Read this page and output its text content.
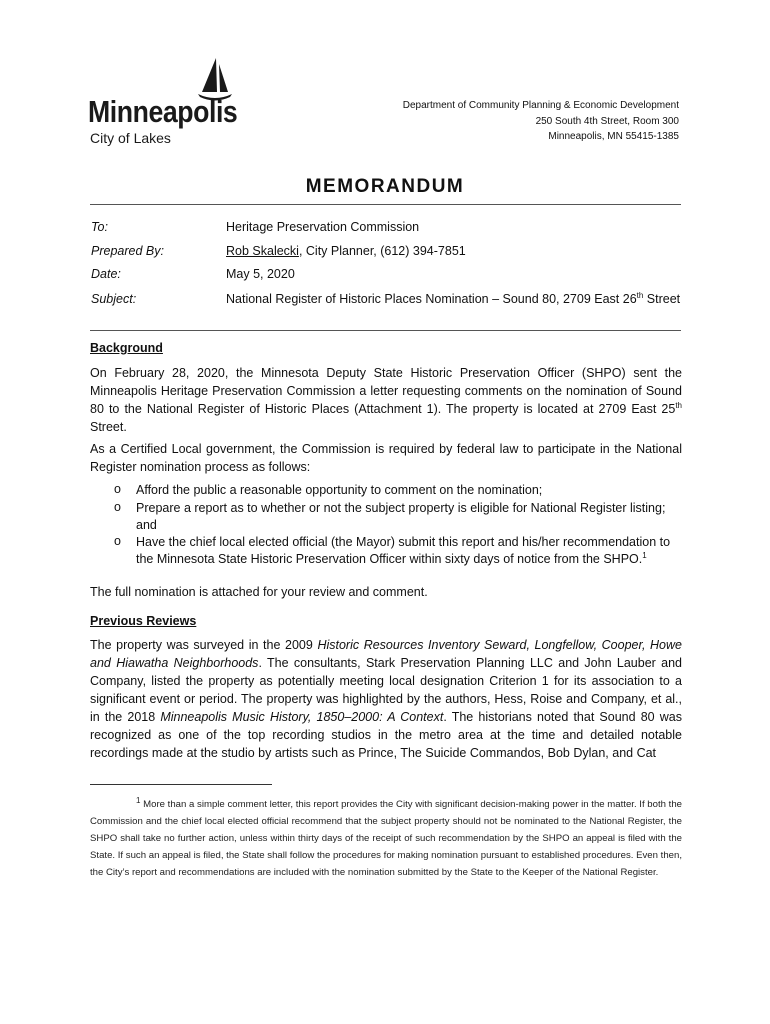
Minneapolis
City of Lakes
Department of Community Planning & Economic Development
250 South 4th Street, Room 300
Minneapolis, MN 55415-1385
MEMORANDUM
To:	Heritage Preservation Commission
Prepared By:	Rob Skalecki, City Planner, (612) 394-7851
Date:	May 5, 2020
Subject:	National Register of Historic Places Nomination – Sound 80, 2709 East 26th Street
Background
On February 28, 2020, the Minnesota Deputy State Historic Preservation Officer (SHPO) sent the Minneapolis Heritage Preservation Commission a letter requesting comments on the nomination of Sound 80 to the National Register of Historic Places (Attachment 1). The property is located at 2709 East 25th Street.
As a Certified Local government, the Commission is required by federal law to participate in the National Register nomination process as follows:
o Afford the public a reasonable opportunity to comment on the nomination;
o Prepare a report as to whether or not the subject property is eligible for National Register listing; and
o Have the chief local elected official (the Mayor) submit this report and his/her recommendation to the Minnesota State Historic Preservation Officer within sixty days of notice from the SHPO.$^1$
The full nomination is attached for your review and comment.
Previous Reviews
The property was surveyed in the 2009 Historic Resources Inventory Seward, Longfellow, Cooper, Howe and Hiawatha Neighborhoods. The consultants, Stark Preservation Planning LLC and John Lauber and Company, listed the property as potentially meeting local designation Criterion 1 for its association to a significant event or period. The property was highlighted by the authors, Hess, Roise and Company, et al., in the 2018 Minneapolis Music History, 1850–2000: A Context. The historians noted that Sound 80 was recognized as one of the top recording studios in the metro area at the time and detailed notable recordings made at the studio by artists such as Prince, The Suicide Commandos, Bob Dylan, and Cat
$^1$ More than a simple comment letter, this report provides the City with significant decision-making power in the matter. If both the Commission and the chief local elected official recommend that the subject property should not be nominated to the National Register, the SHPO shall take no further action, unless within thirty days of the receipt of such recommendation by the SHPO an appeal is filed with the State. If such an appeal is filed, the State shall follow the procedures for making nomination pursuant to established procedures. Even then, the City’s report and recommendations are included with the nomination submitted by the State to the Keeper of the National Register.
